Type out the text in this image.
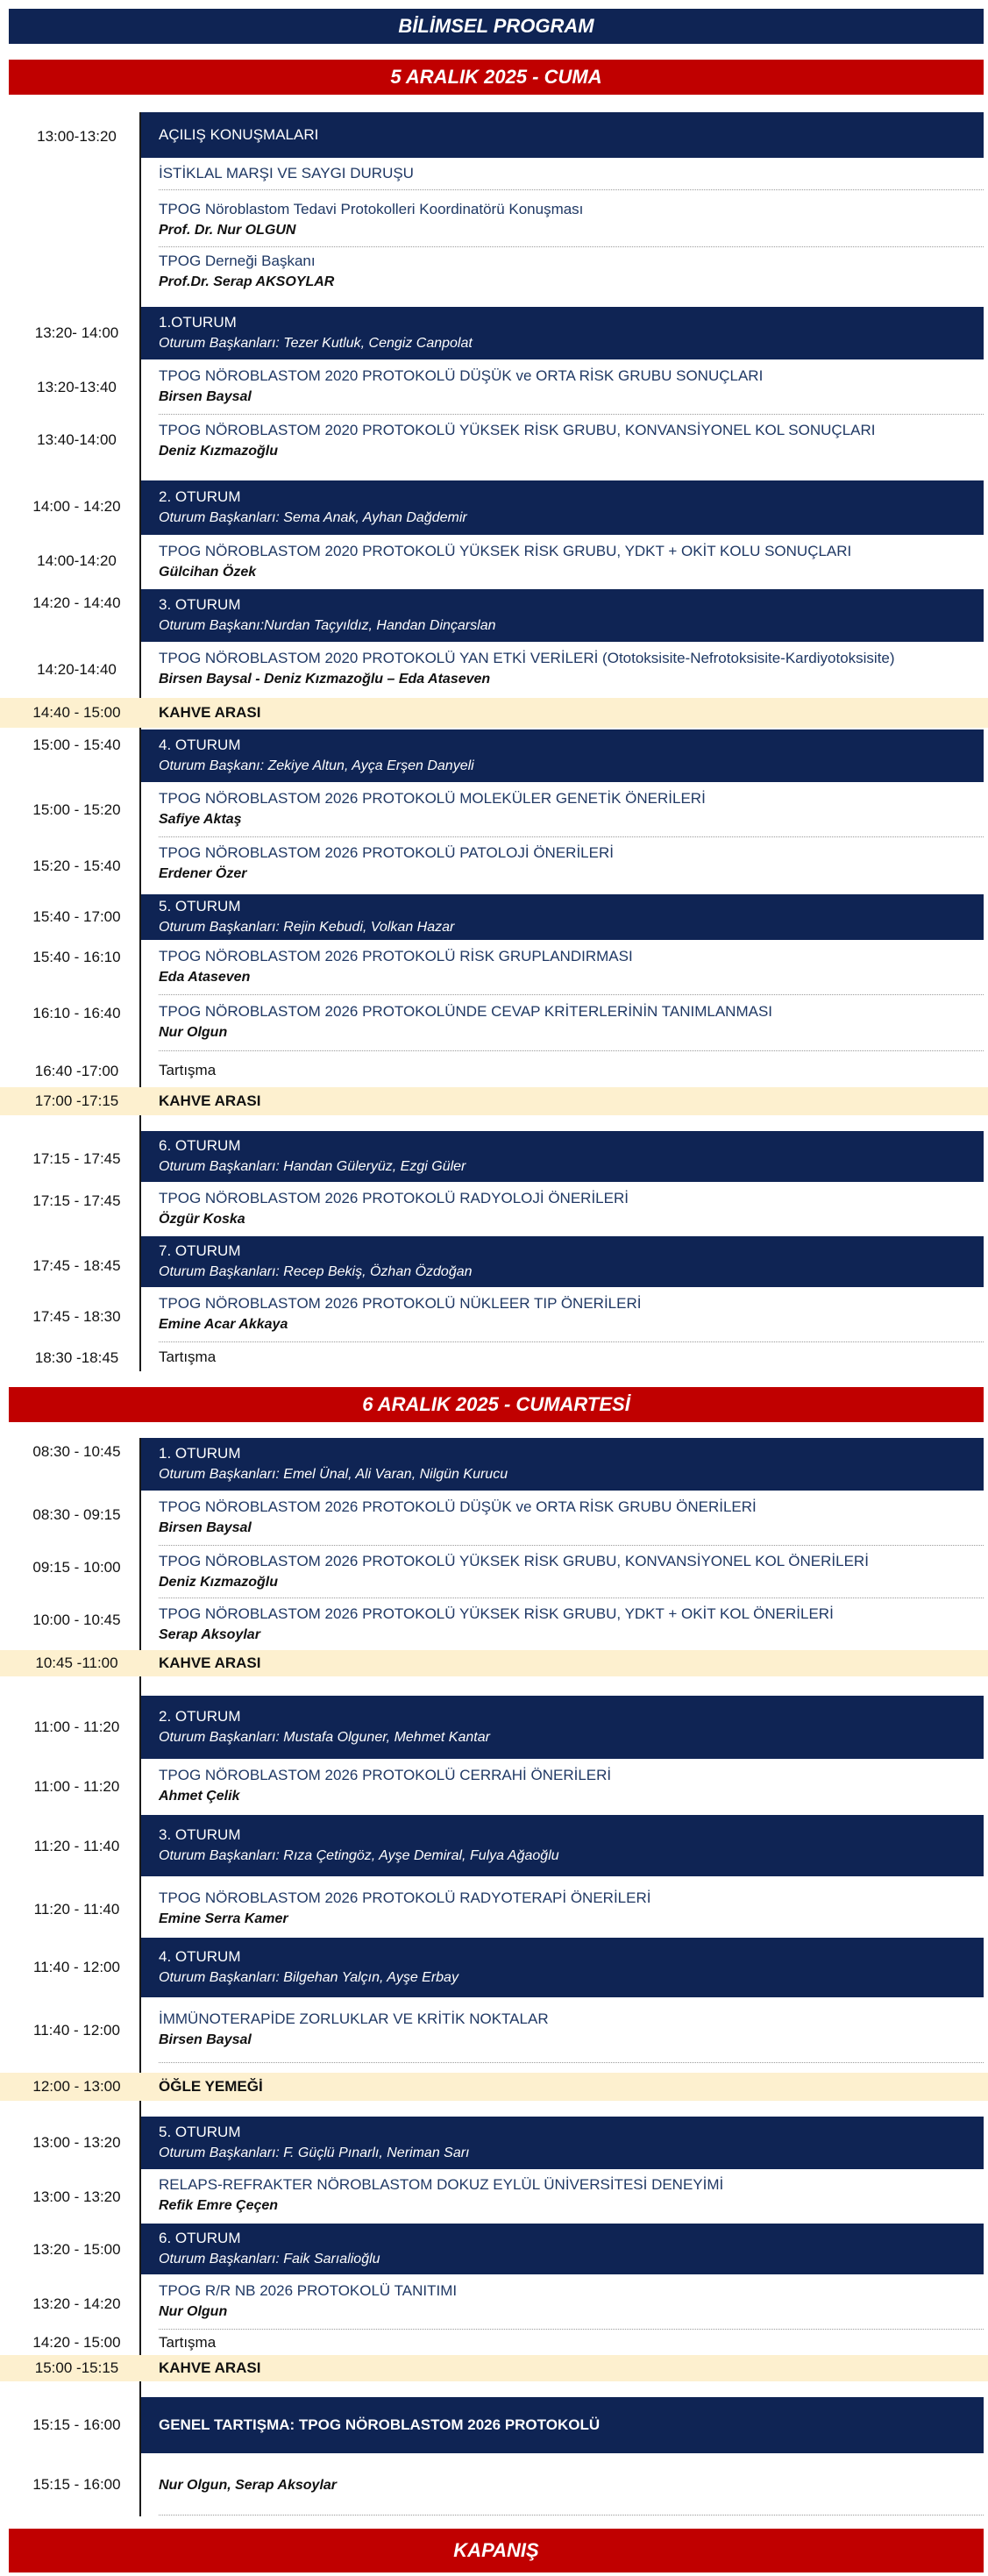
BİLİMSEL PROGRAM
5 ARALIK 2025 - CUMA
AÇILIŞ KONUŞMALARI
İSTİKLAL MARŞI VE SAYGI DURUŞU
TPOG Nöroblastom Tedavi Protokolleri Koordinatörü Konuşması
Prof. Dr. Nur OLGUN
TPOG Derneği Başkanı
Prof.Dr. Serap AKSOYLAR
1.OTURUM
Oturum Başkanları: Tezer Kutluk, Cengiz Canpolat
TPOG NÖROBLASTOM 2020 PROTOKOLÜ DÜŞÜK ve ORTA RİSK GRUBU SONUÇLARI
Birsen Baysal
TPOG NÖROBLASTOM 2020 PROTOKOLÜ YÜKSEK RİSK GRUBU, KONVANSİYONEL KOL SONUÇLARI
Deniz Kızmazoğlu
2. OTURUM
Oturum Başkanları: Sema Anak, Ayhan Dağdemir
TPOG NÖROBLASTOM 2020 PROTOKOLÜ YÜKSEK RİSK GRUBU, YDKT + OKİT KOLU SONUÇLARI
Gülcihan Özek
3. OTURUM
Oturum Başkanı:Nurdan Taçyıldız, Handan Dinçarslan
TPOG NÖROBLASTOM 2020 PROTOKOLÜ YAN ETKİ VERİLERİ (Ototoksisite-Nefrotoksisite-Kardiyotoksisite)
Birsen Baysal - Deniz Kızmazoğlu – Eda Ataseven
KAHVE ARASI
4. OTURUM
Oturum Başkanı: Zekiye Altun, Ayça Erşen Danyeli
TPOG NÖROBLASTOM 2026 PROTOKOLÜ MOLEKÜLER GENETİK ÖNERİLERİ
Safiye Aktaş
TPOG NÖROBLASTOM 2026 PROTOKOLÜ PATOLOJİ ÖNERİLERİ
Erdener Özer
5. OTURUM
Oturum Başkanları: Rejin Kebudi, Volkan Hazar
TPOG NÖROBLASTOM 2026 PROTOKOLÜ RİSK GRUPLANDIRMASI
Eda Ataseven
TPOG NÖROBLASTOM 2026 PROTOKOLÜNDE CEVAP KRİTERLERİNİN TANIMLANMASI
Nur Olgun
Tartışma
KAHVE ARASI
6. OTURUM
Oturum Başkanları: Handan Güleryüz, Ezgi Güler
TPOG NÖROBLASTOM 2026 PROTOKOLÜ RADYOLOJİ ÖNERİLERİ
Özgür Koska
7. OTURUM
Oturum Başkanları: Recep Bekiş, Özhan Özdoğan
TPOG NÖROBLASTOM 2026 PROTOKOLÜ NÜKLEER TIP ÖNERİLERİ
Emine Acar Akkaya
Tartışma
13:00-13:20
13:20- 14:00
13:20-13:40
13:40-14:00
14:00 - 14:20
14:00-14:20
14:20 - 14:40
14:20-14:40
14:40 - 15:00
15:00 - 15:40
15:00 - 15:20
15:20 - 15:40
15:40 - 17:00
15:40 - 16:10
16:10 - 16:40
16:40 -17:00
17:00 -17:15
17:15 - 17:45
17:15 - 17:45
17:45 - 18:45
17:45 - 18:30
18:30 -18:45
6 ARALIK 2025 - CUMARTESİ
1. OTURUM
Oturum Başkanları: Emel Ünal, Ali Varan, Nilgün Kurucu
TPOG NÖROBLASTOM 2026 PROTOKOLÜ DÜŞÜK ve ORTA RİSK GRUBU ÖNERİLERİ
Birsen Baysal
TPOG NÖROBLASTOM 2026 PROTOKOLÜ YÜKSEK RİSK GRUBU, KONVANSİYONEL KOL ÖNERİLERİ
Deniz Kızmazoğlu
TPOG NÖROBLASTOM 2026 PROTOKOLÜ YÜKSEK RİSK GRUBU, YDKT + OKİT KOL ÖNERİLERİ
Serap Aksoylar
KAHVE ARASI
2. OTURUM
Oturum Başkanları: Mustafa Olguner, Mehmet Kantar
TPOG NÖROBLASTOM 2026 PROTOKOLÜ CERRAHİ ÖNERİLERİ
Ahmet Çelik
3. OTURUM
Oturum Başkanları: Rıza Çetingöz, Ayşe Demiral, Fulya Ağaoğlu
TPOG NÖROBLASTOM 2026 PROTOKOLÜ RADYOTERAPİ ÖNERİLERİ
Emine Serra Kamer
4. OTURUM
Oturum Başkanları: Bilgehan Yalçın, Ayşe Erbay
İMMÜNOTERAPİDE ZORLUKLAR VE KRİTİK NOKTALAR
Birsen Baysal
ÖĞLE YEMEĞİ
5. OTURUM
Oturum Başkanları: F. Güçlü Pınarlı, Neriman Sarı
RELAPS-REFRAKTER NÖROBLASTOM DOKUZ EYLÜL ÜNİVERSİTESİ DENEYİMİ
Refik Emre Çeçen
6. OTURUM
Oturum Başkanları: Faik Sarıalioğlu
TPOG R/R NB 2026 PROTOKOLÜ TANITIMI
Nur Olgun
Tartışma
KAHVE ARASI
GENEL TARTIŞMA: TPOG NÖROBLASTOM 2026 PROTOKOLÜ
Nur Olgun, Serap Aksoylar
08:30 - 10:45
08:30 - 09:15
09:15 - 10:00
10:00 - 10:45
10:45 -11:00
11:00 - 11:20
11:00 - 11:20
11:20 - 11:40
11:20 - 11:40
11:40 - 12:00
11:40 - 12:00
12:00 - 13:00
13:00 - 13:20
13:00 - 13:20
13:20 - 15:00
13:20 - 14:20
14:20 - 15:00
15:00 -15:15
15:15 - 16:00
15:15 - 16:00
KAPANIŞ
